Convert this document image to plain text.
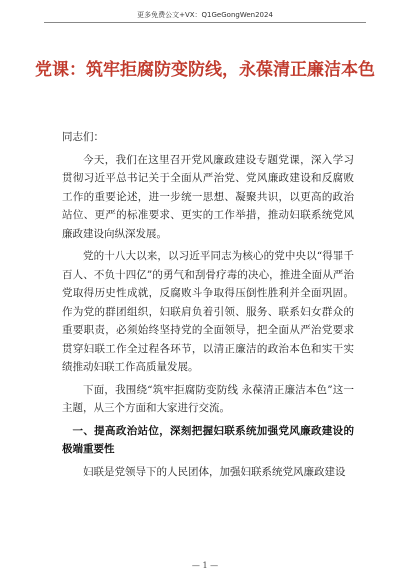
更多免费公文+VX：Q1GeGongWen2024
党课：筑牢拒腐防变防线，永葆清正廉洁本色

同志们：

今天，我们在这里召开党风廉政建设专题党课，深入学习贯彻习近平总书记关于全面从严治党、党风廉政建设和反腐败工作的重要论述，进一步统一思想、凝聚共识，以更高的政治站位、更严的标准要求、更实的工作举措，推动妇联系统党风廉政建设向纵深发展。

党的十八大以来，以习近平同志为核心的党中央以“得罪千百人、不负十四亿”的勇气和刮骨疗毒的决心，推进全面从严治党取得历史性成就，反腐败斗争取得压倒性胜利并全面巩固。作为党的群团组织，妇联肩负着引领、服务、联系妇女群众的重要职责，必须始终坚持党的全面领导，把全面从严治党要求贯穿妇联工作全过程各环节，以清正廉洁的政治本色和实干实绩推动妇联工作高质量发展。

下面，我围绕“筑牢拒腐防变防线 永葆清正廉洁本色”这一主题，从三个方面和大家进行交流。

一、提高政治站位，深刻把握妇联系统加强党风廉政建设的极端重要性

妇联是党领导下的人民团体，加强妇联系统党风廉政建设

— 1 —
